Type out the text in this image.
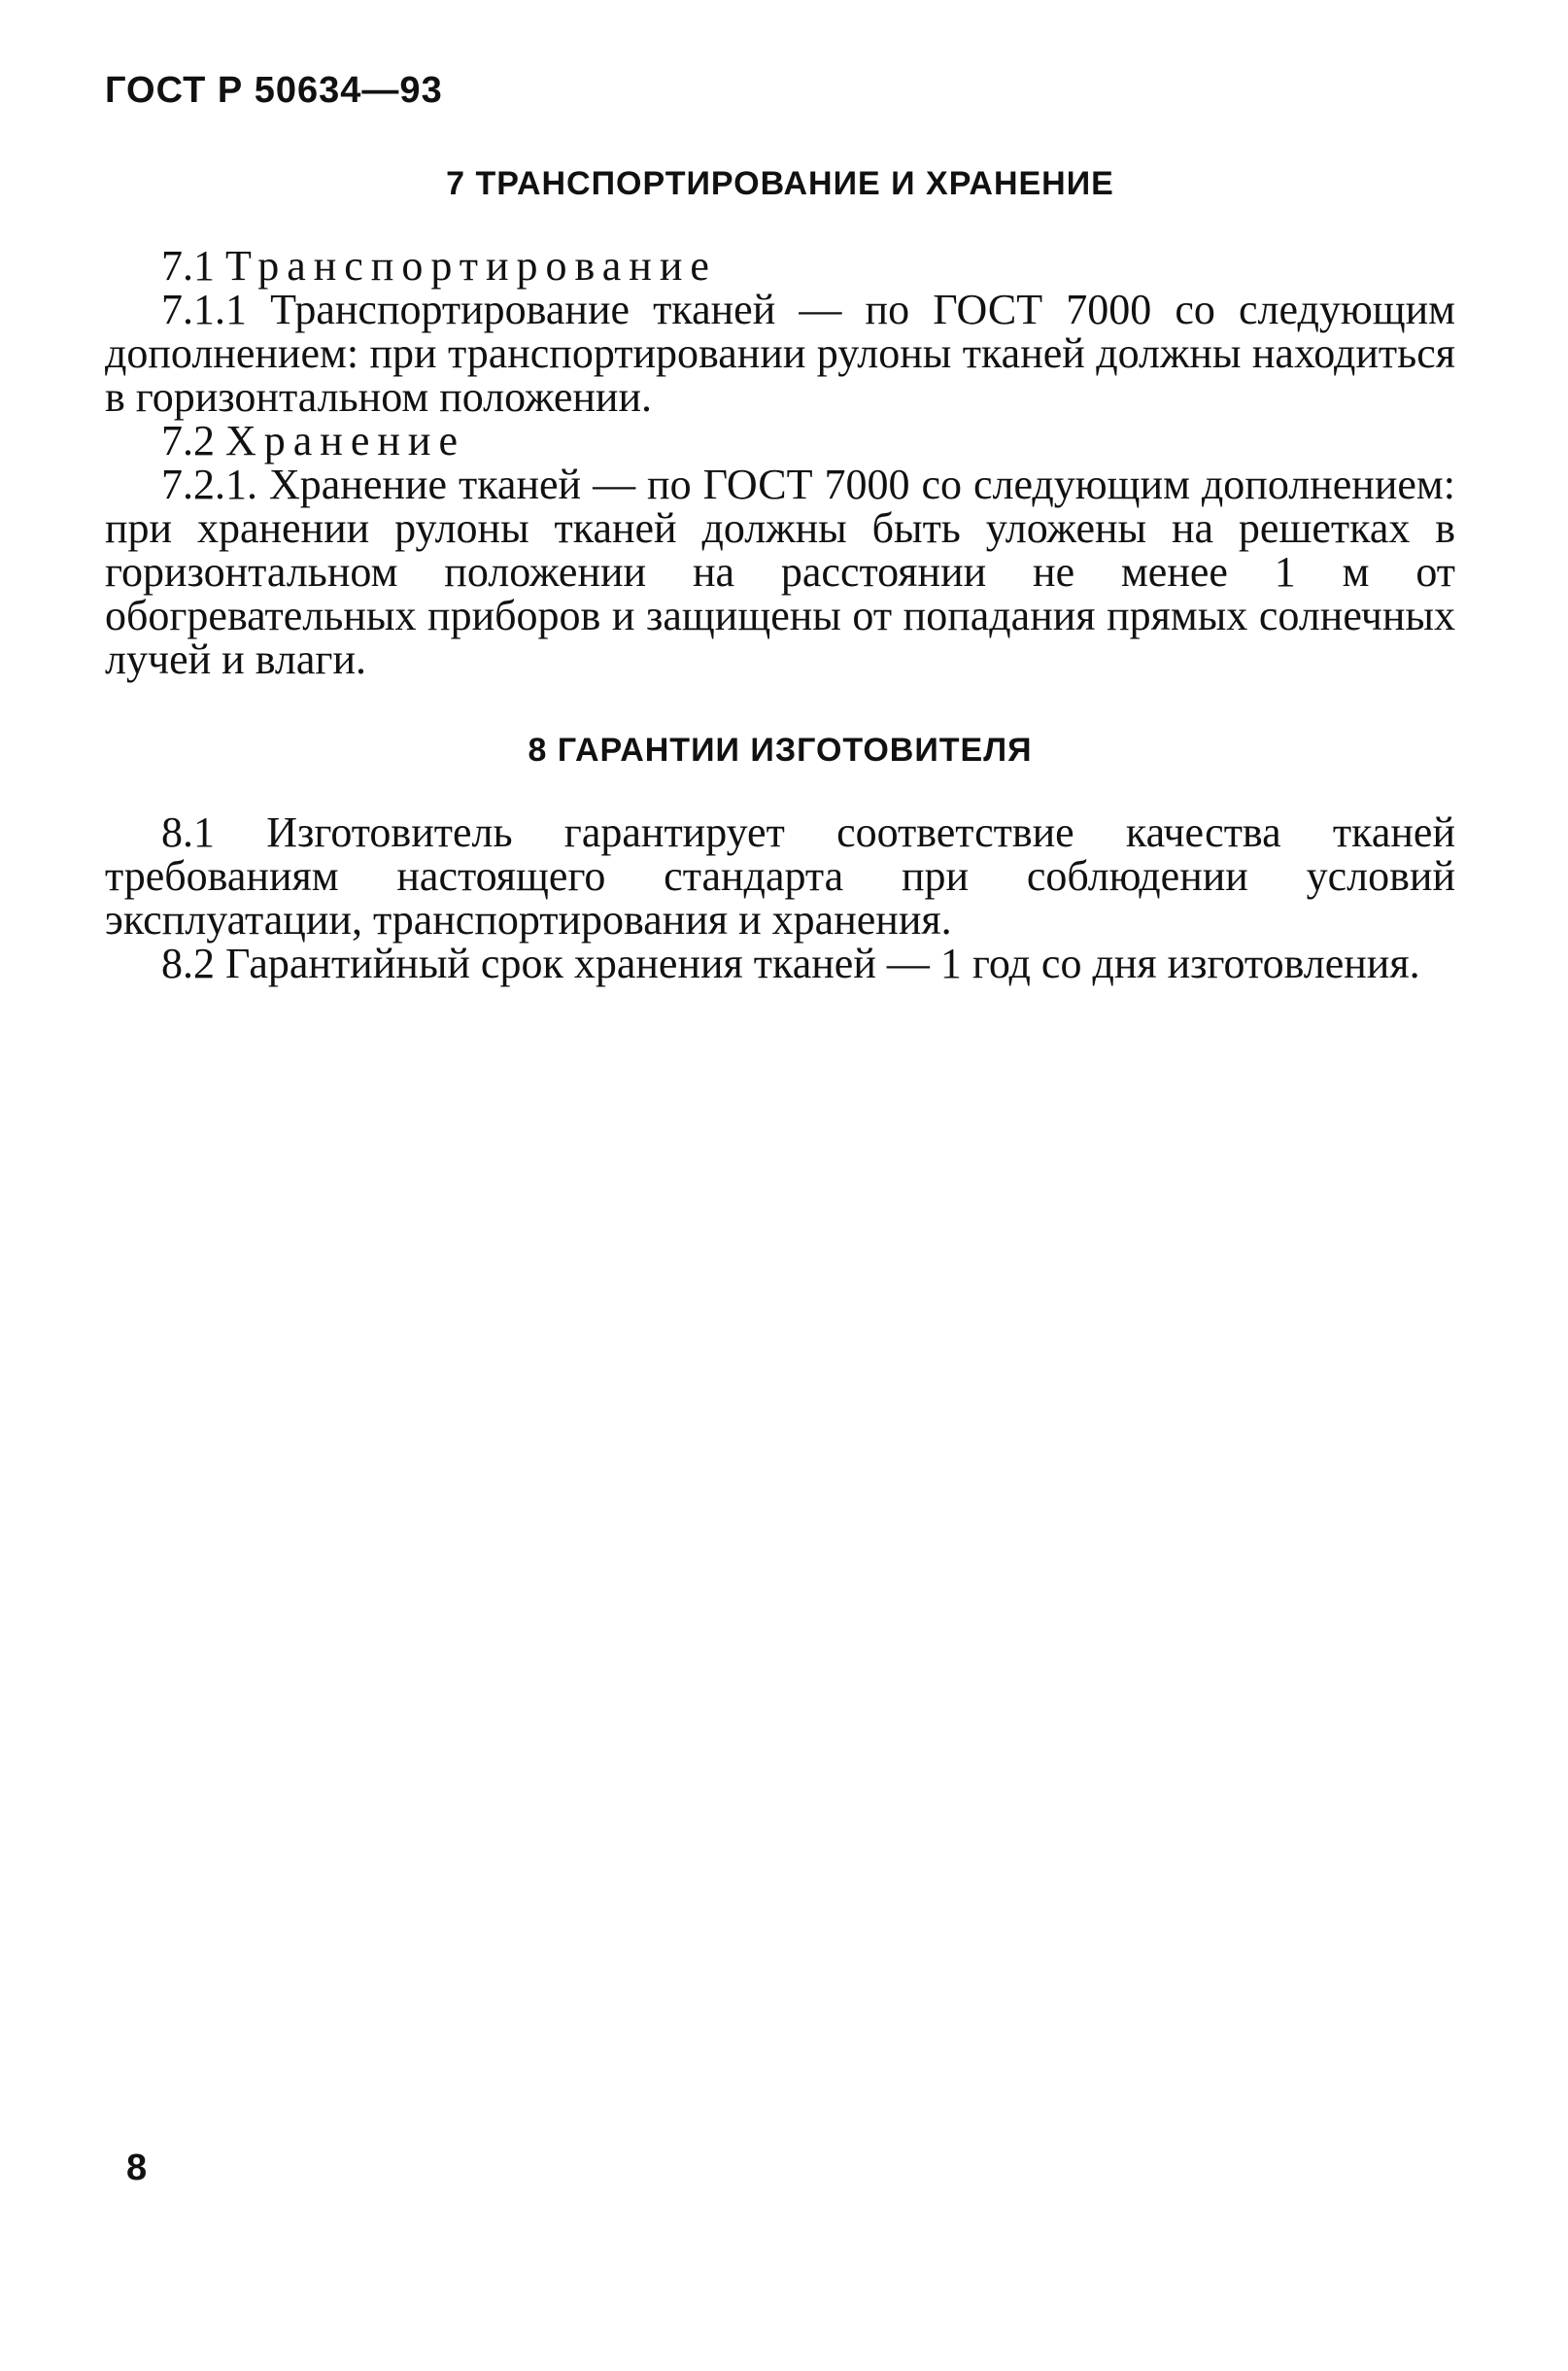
ГОСТ Р 50634—93

7 ТРАНСПОРТИРОВАНИЕ И ХРАНЕНИЕ

7.1 Транспортирование

7.1.1 Транспортирование тканей — по ГОСТ 7000 со следующим дополнением: при транспортировании рулоны тканей должны находиться в горизонтальном положении.

7.2 Хранение

7.2.1. Хранение тканей — по ГОСТ 7000 со следующим дополнением: при хранении рулоны тканей должны быть уложены на решетках в горизонтальном положении на расстоянии не менее 1 м от обогревательных приборов и защищены от попадания прямых солнечных лучей и влаги.

8 ГАРАНТИИ ИЗГОТОВИТЕЛЯ

8.1 Изготовитель гарантирует соответствие качества тканей требованиям настоящего стандарта при соблюдении условий эксплуатации, транспортирования и хранения.

8.2 Гарантийный срок хранения тканей — 1 год со дня изготовления.

8
